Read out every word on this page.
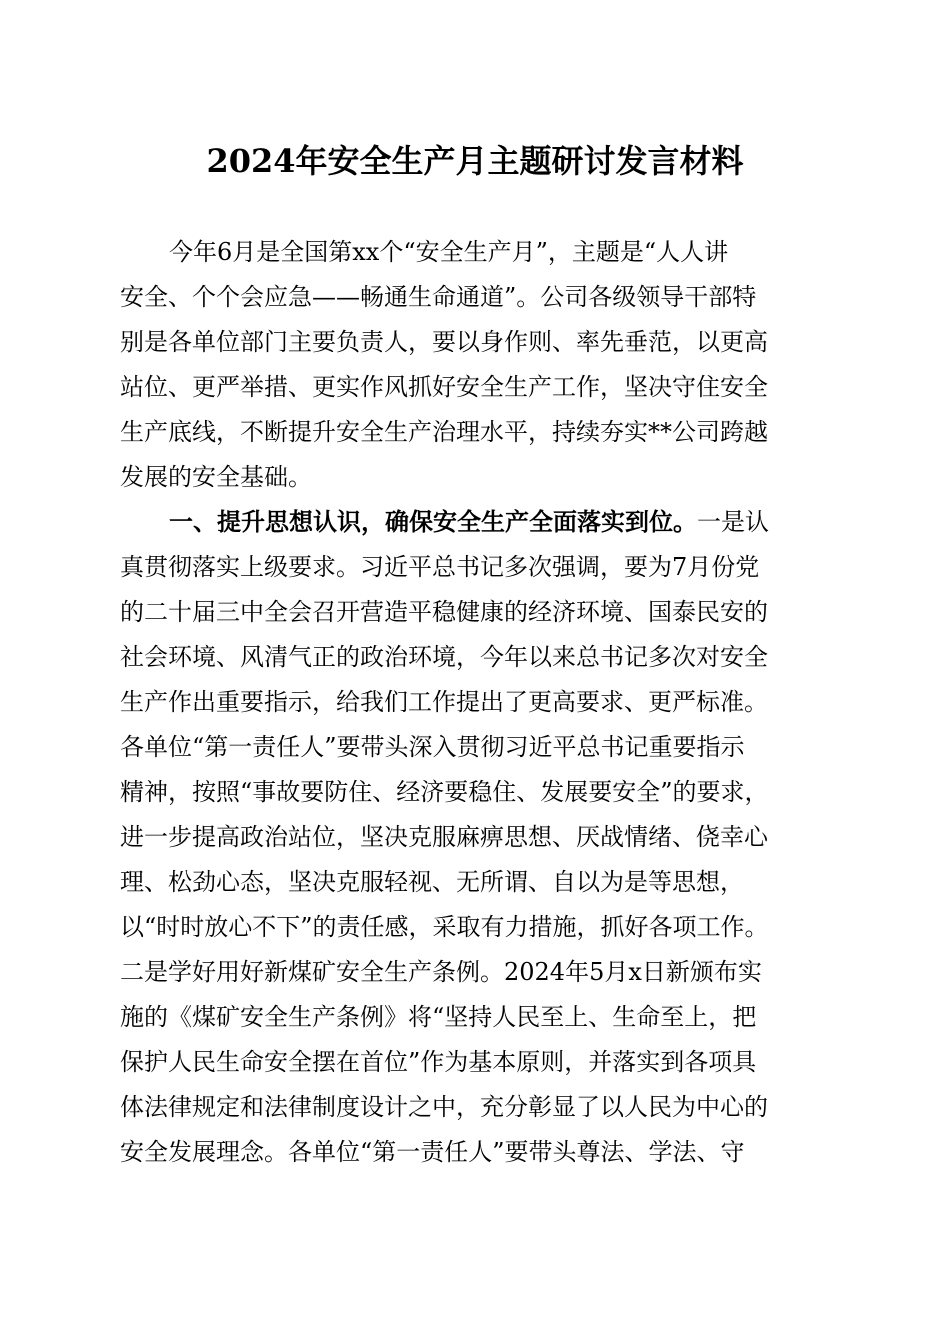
2024年安全生产月主题研讨发言材料
今年6月是全国第xx个“安全生产月”，主题是“人人讲
安全、个个会应急——畅通生命通道”。公司各级领导干部特
别是各单位部门主要负责人，要以身作则、率先垂范，以更高
站位、更严举措、更实作风抓好安全生产工作，坚决守住安全
生产底线，不断提升安全生产治理水平，持续夯实**公司跨越
发展的安全基础。
一、提升思想认识，确保安全生产全面落实到位。一是认
真贯彻落实上级要求。习近平总书记多次强调，要为7月份党
的二十届三中全会召开营造平稳健康的经济环境、国泰民安的
社会环境、风清气正的政治环境，今年以来总书记多次对安全
生产作出重要指示，给我们工作提出了更高要求、更严标准。
各单位“第一责任人”要带头深入贯彻习近平总书记重要指示
精神，按照“事故要防住、经济要稳住、发展要安全”的要求，
进一步提高政治站位，坚决克服麻痹思想、厌战情绪、侥幸心
理、松劲心态，坚决克服轻视、无所谓、自以为是等思想，
以“时时放心不下”的责任感，采取有力措施，抓好各项工作。
二是学好用好新煤矿安全生产条例。2024年5月x日新颁布实
施的《煤矿安全生产条例》将“坚持人民至上、生命至上，把
保护人民生命安全摆在首位”作为基本原则，并落实到各项具
体法律规定和法律制度设计之中，充分彰显了以人民为中心的
安全发展理念。各单位“第一责任人”要带头尊法、学法、守
